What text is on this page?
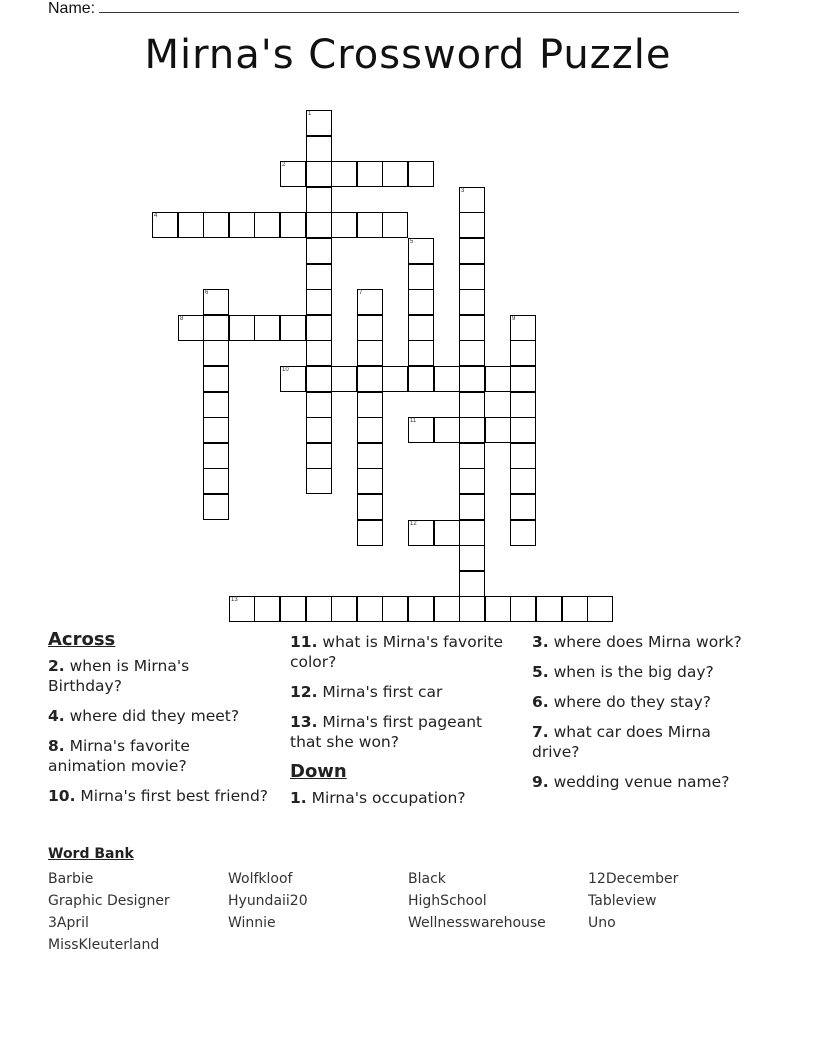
Name:
Mirna's Crossword Puzzle
1
2
3
4
5
6	7
8	9
10
11
12
13
Across
2. when is Mirna's Birthday?
4. where did they meet?
8. Mirna's favorite animation movie?
10. Mirna's first best friend?
11. what is Mirna's favorite color?
12. Mirna's first car
13. Mirna's first pageant that she won?
Down
1. Mirna's occupation?
3. where does Mirna work?
5. when is the big day?
6. where do they stay?
7. what car does Mirna drive?
9. wedding venue name?
Word Bank
Barbie
Graphic Designer
3April
MissKleuterland
Wolfkloof
Hyundaii20
Winnie
Black
HighSchool
Wellnesswarehouse
12December
Tableview
Uno
